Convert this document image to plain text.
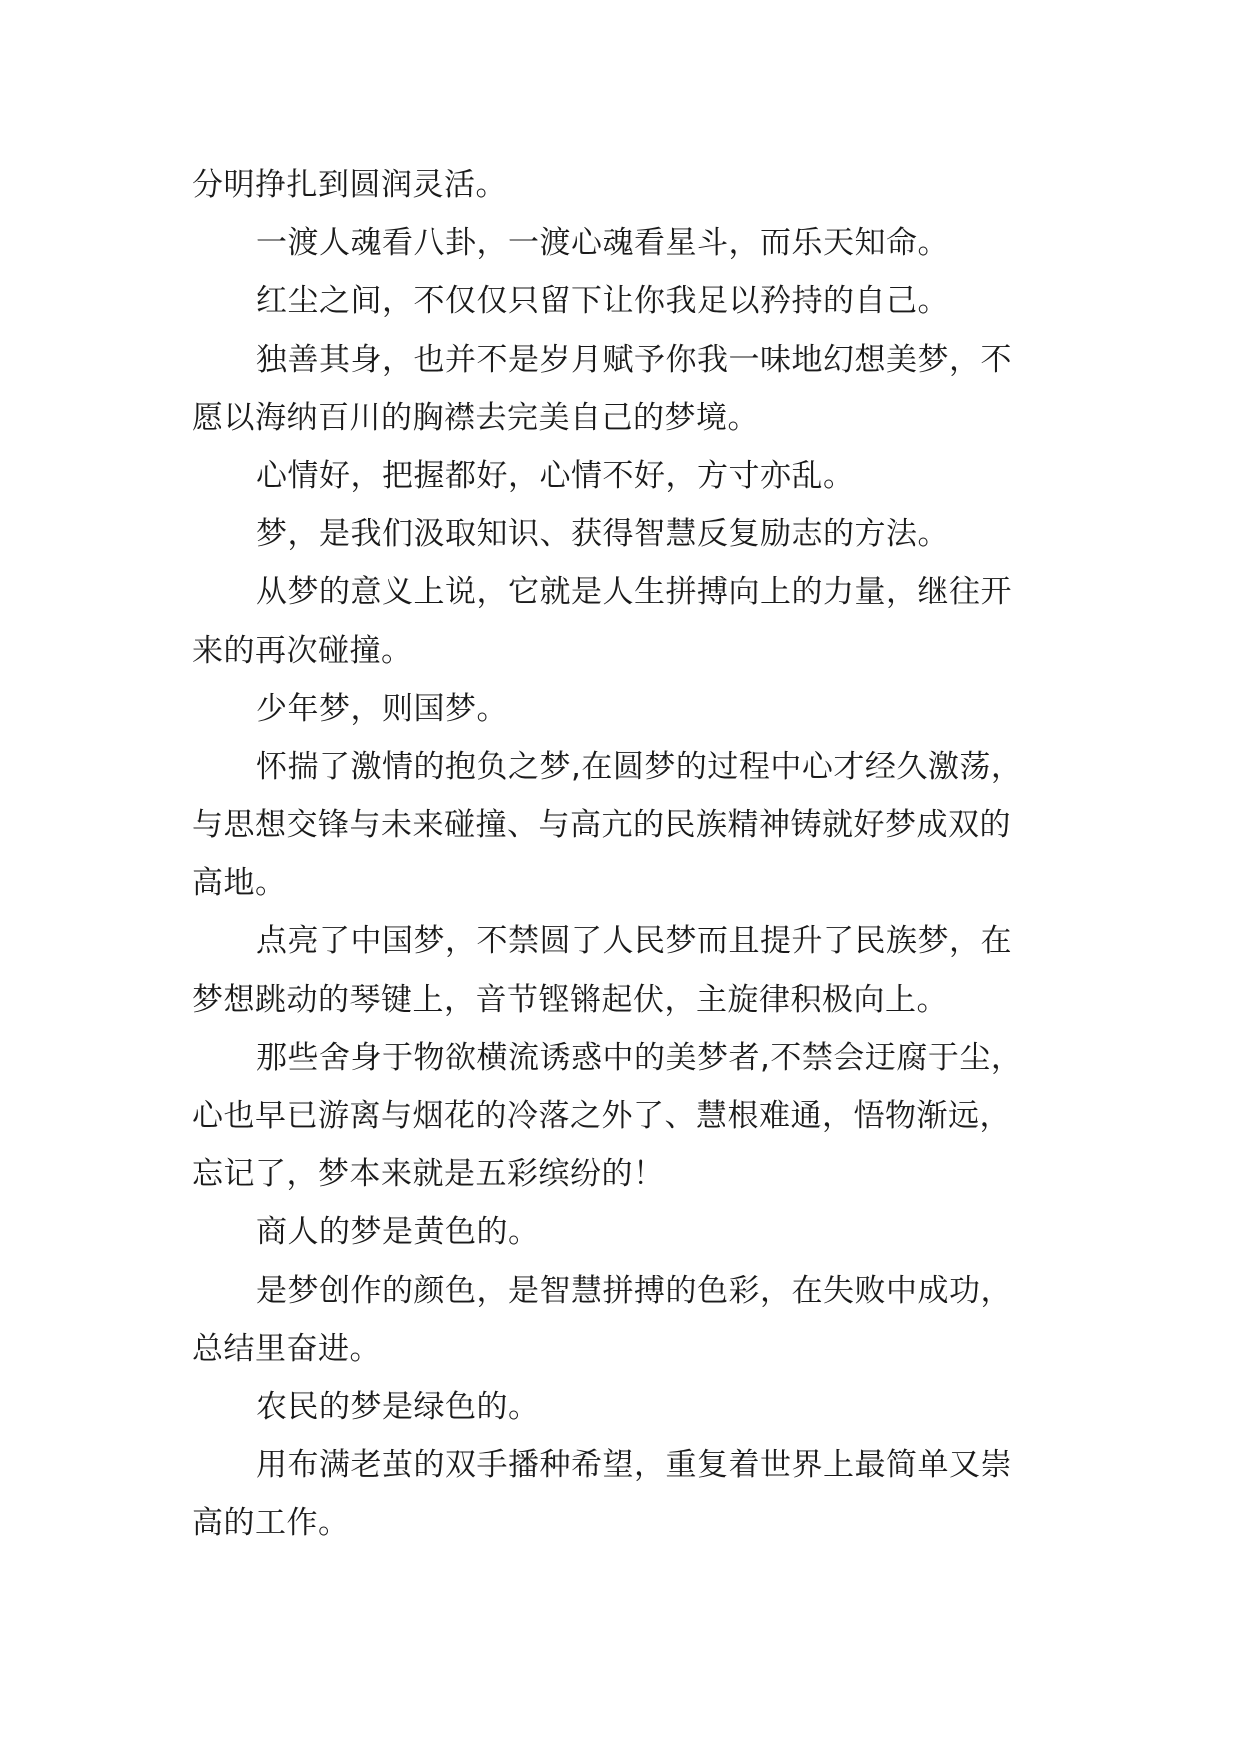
分明挣扎到圆润灵活。
一渡人魂看八卦，一渡心魂看星斗，而乐天知命。
红尘之间，不仅仅只留下让你我足以矜持的自己。
独善其身，也并不是岁月赋予你我一味地幻想美梦，不
愿以海纳百川的胸襟去完美自己的梦境。
心情好，把握都好，心情不好，方寸亦乱。
梦，是我们汲取知识、获得智慧反复励志的方法。
从梦的意义上说，它就是人生拼搏向上的力量，继往开
来的再次碰撞。
少年梦，则国梦。
怀揣了激情的抱负之梦,在圆梦的过程中心才经久激荡，
与思想交锋与未来碰撞、与高亢的民族精神铸就好梦成双的
高地。
点亮了中国梦，不禁圆了人民梦而且提升了民族梦，在
梦想跳动的琴键上，音节铿锵起伏，主旋律积极向上。
那些舍身于物欲横流诱惑中的美梦者,不禁会迂腐于尘，
心也早已游离与烟花的冷落之外了、慧根难通，悟物渐远，
忘记了，梦本来就是五彩缤纷的！
商人的梦是黄色的。
是梦创作的颜色，是智慧拼搏的色彩，在失败中成功，
总结里奋进。
农民的梦是绿色的。
用布满老茧的双手播种希望，重复着世界上最简单又崇
高的工作。
